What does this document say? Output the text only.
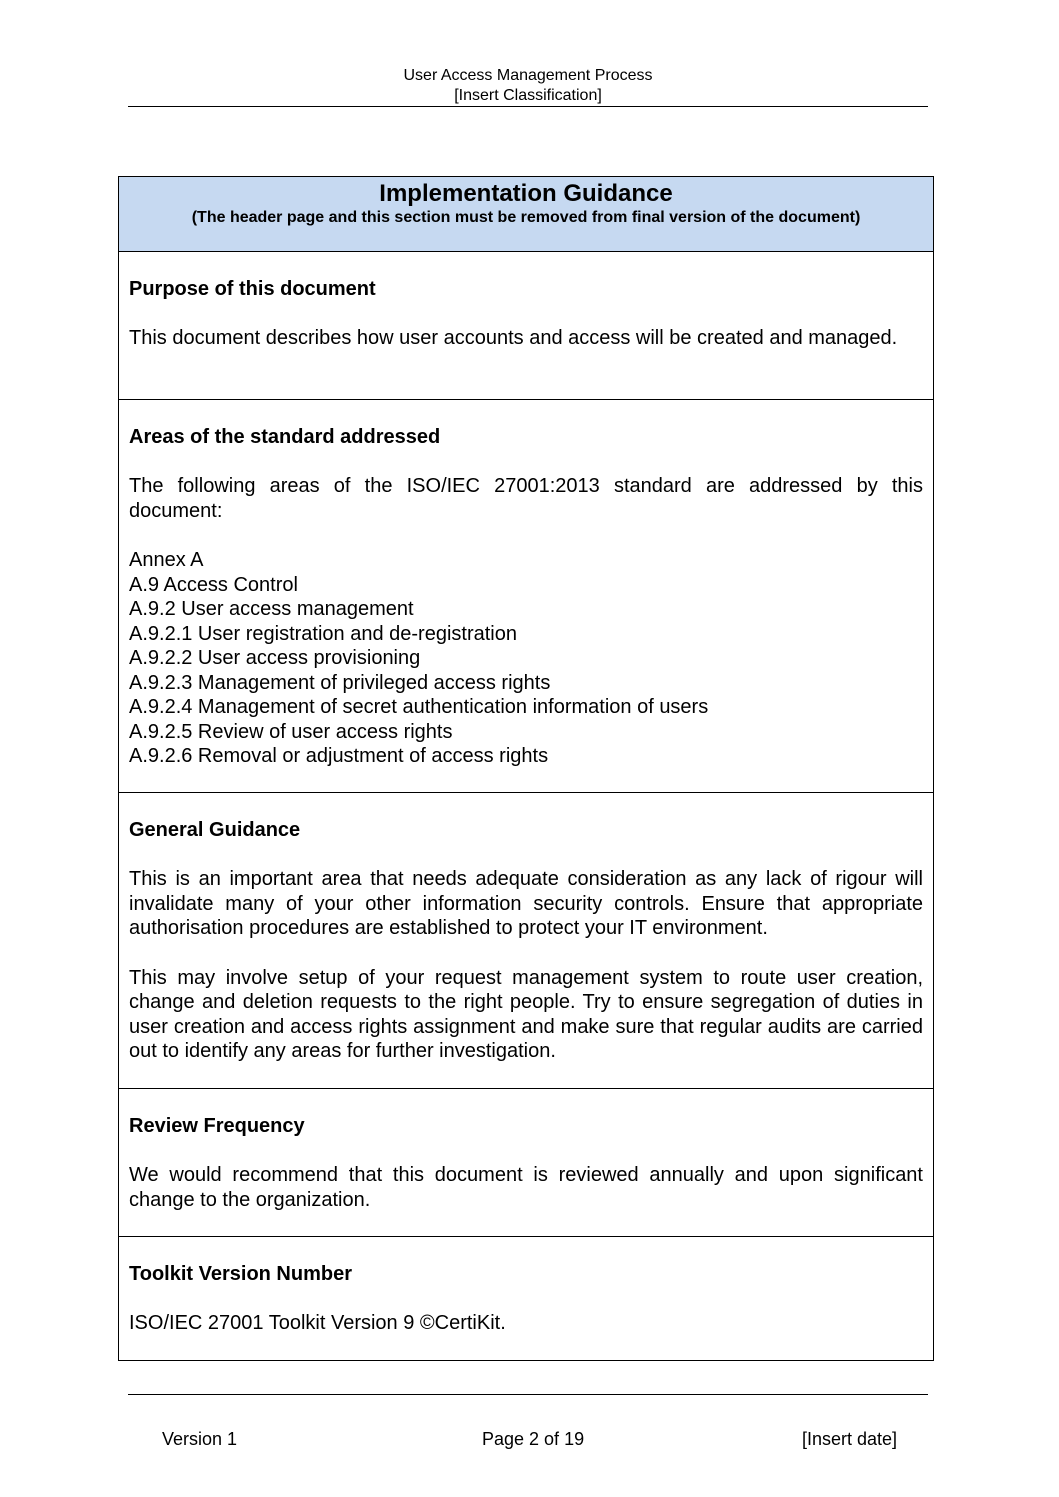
User Access Management Process
[Insert Classification]
Implementation Guidance
(The header page and this section must be removed from final version of the document)
Purpose of this document
This document describes how user accounts and access will be created and managed.
Areas of the standard addressed
The following areas of the ISO/IEC 27001:2013 standard are addressed by this document:
Annex A
A.9 Access Control
A.9.2 User access management
A.9.2.1 User registration and de-registration
A.9.2.2 User access provisioning
A.9.2.3 Management of privileged access rights
A.9.2.4 Management of secret authentication information of users
A.9.2.5 Review of user access rights
A.9.2.6 Removal or adjustment of access rights
General Guidance
This is an important area that needs adequate consideration as any lack of rigour will invalidate many of your other information security controls. Ensure that appropriate authorisation procedures are established to protect your IT environment.
This may involve setup of your request management system to route user creation, change and deletion requests to the right people. Try to ensure segregation of duties in user creation and access rights assignment and make sure that regular audits are carried out to identify any areas for further investigation.
Review Frequency
We would recommend that this document is reviewed annually and upon significant change to the organization.
Toolkit Version Number
ISO/IEC 27001 Toolkit Version 9 ©CertiKit.
Version 1	Page 2 of 19	[Insert date]
